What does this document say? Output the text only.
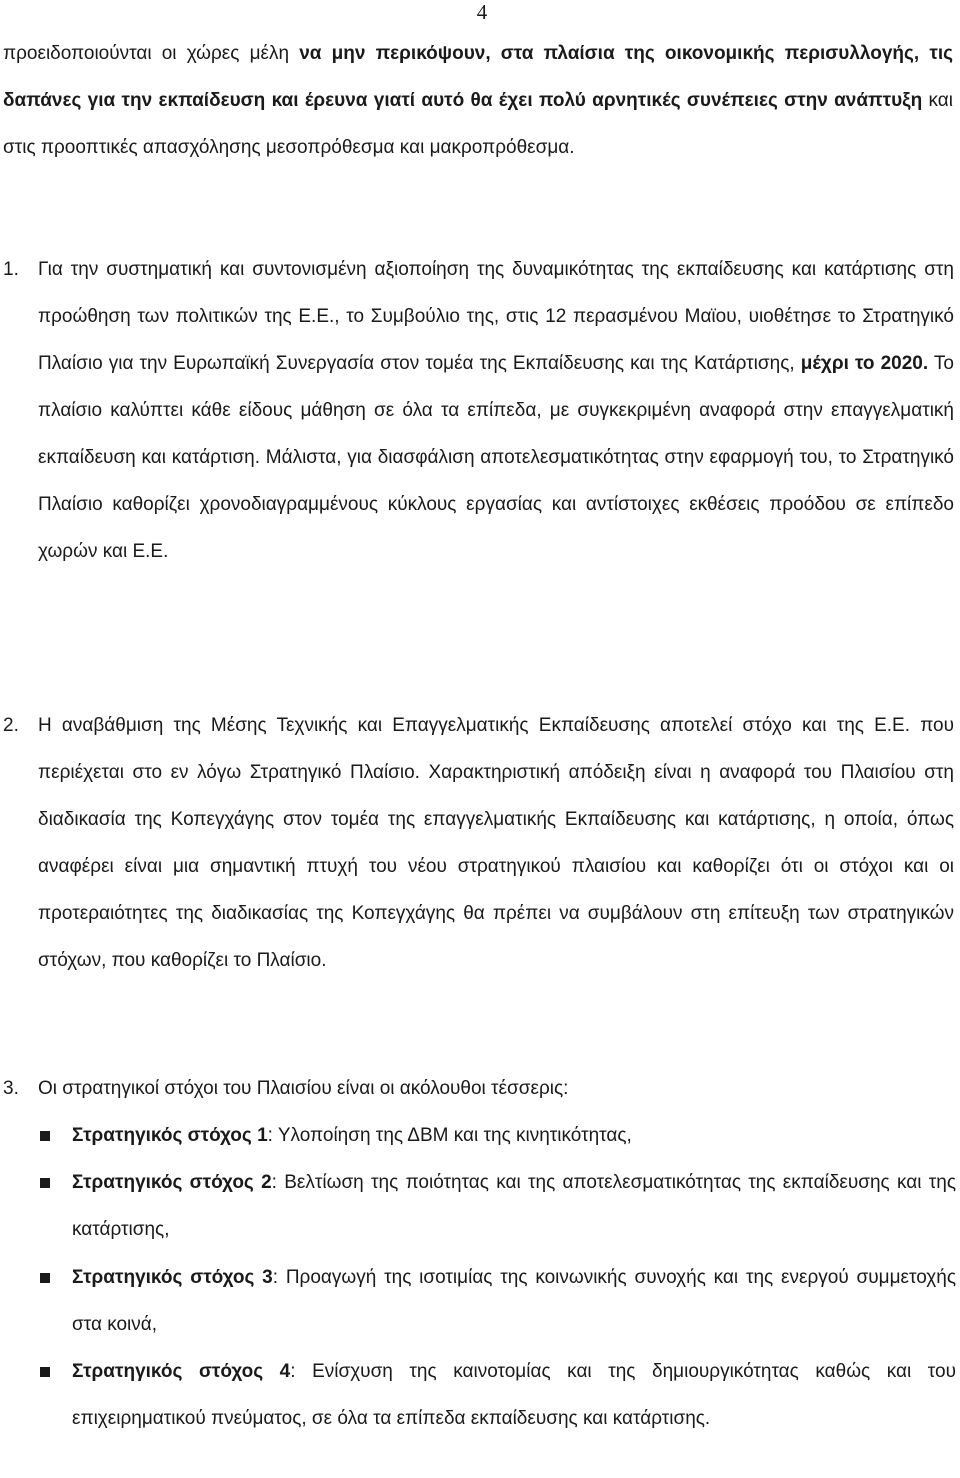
4

προειδοποιούνται οι χώρες μέλη να μην περικόψουν, στα πλαίσια της οικονομικής περισυλλογής, τις δαπάνες για την εκπαίδευση και έρευνα γιατί αυτό θα έχει πολύ αρνητικές συνέπειες στην ανάπτυξη και στις προοπτικές απασχόλησης μεσοπρόθεσμα και μακροπρόθεσμα.

1. Για την συστηματική και συντονισμένη αξιοποίηση της δυναμικότητας της εκπαίδευσης και κατάρτισης στη προώθηση των πολιτικών της Ε.Ε., το Συμβούλιο της, στις 12 περασμένου Μαϊου, υιοθέτησε το Στρατηγικό Πλαίσιο για την Ευρωπαϊκή Συνεργασία στον τομέα της Εκπαίδευσης και της Κατάρτισης, μέχρι το 2020. Το πλαίσιο καλύπτει κάθε είδους μάθηση σε όλα τα επίπεδα, με συγκεκριμένη αναφορά στην επαγγελματική εκπαίδευση και κατάρτιση. Μάλιστα, για διασφάλιση αποτελεσματικότητας στην εφαρμογή του, το Στρατηγικό Πλαίσιο καθορίζει χρονοδιαγραμμένους κύκλους εργασίας και αντίστοιχες εκθέσεις προόδου σε επίπεδο χωρών και Ε.Ε.

2. Η αναβάθμιση της Μέσης Τεχνικής και Επαγγελματικής Εκπαίδευσης αποτελεί στόχο και της Ε.Ε. που περιέχεται στο εν λόγω Στρατηγικό Πλαίσιο. Χαρακτηριστική απόδειξη είναι η αναφορά του Πλαισίου στη διαδικασία της Κοπεγχάγης στον τομέα της επαγγελματικής Εκπαίδευσης και κατάρτισης, η οποία, όπως αναφέρει είναι μια σημαντική πτυχή του νέου στρατηγικού πλαισίου και καθορίζει ότι οι στόχοι και οι προτεραιότητες της διαδικασίας της Κοπεγχάγης θα πρέπει να συμβάλουν στη επίτευξη των στρατηγικών στόχων, που καθορίζει το Πλαίσιο.

3. Οι στρατηγικοί στόχοι του Πλαισίου είναι οι ακόλουθοι τέσσερις:

Στρατηγικός στόχος 1: Υλοποίηση της ΔΒΜ και της κινητικότητας,

Στρατηγικός στόχος 2: Βελτίωση της ποιότητας και της αποτελεσματικότητας της εκπαίδευσης και της κατάρτισης,

Στρατηγικός στόχος 3: Προαγωγή της ισοτιμίας της κοινωνικής συνοχής και της ενεργού συμμετοχής στα κοινά,

Στρατηγικός στόχος 4: Ενίσχυση της καινοτομίας και της δημιουργικότητας καθώς και του επιχειρηματικού πνεύματος, σε όλα τα επίπεδα εκπαίδευσης και κατάρτισης.
